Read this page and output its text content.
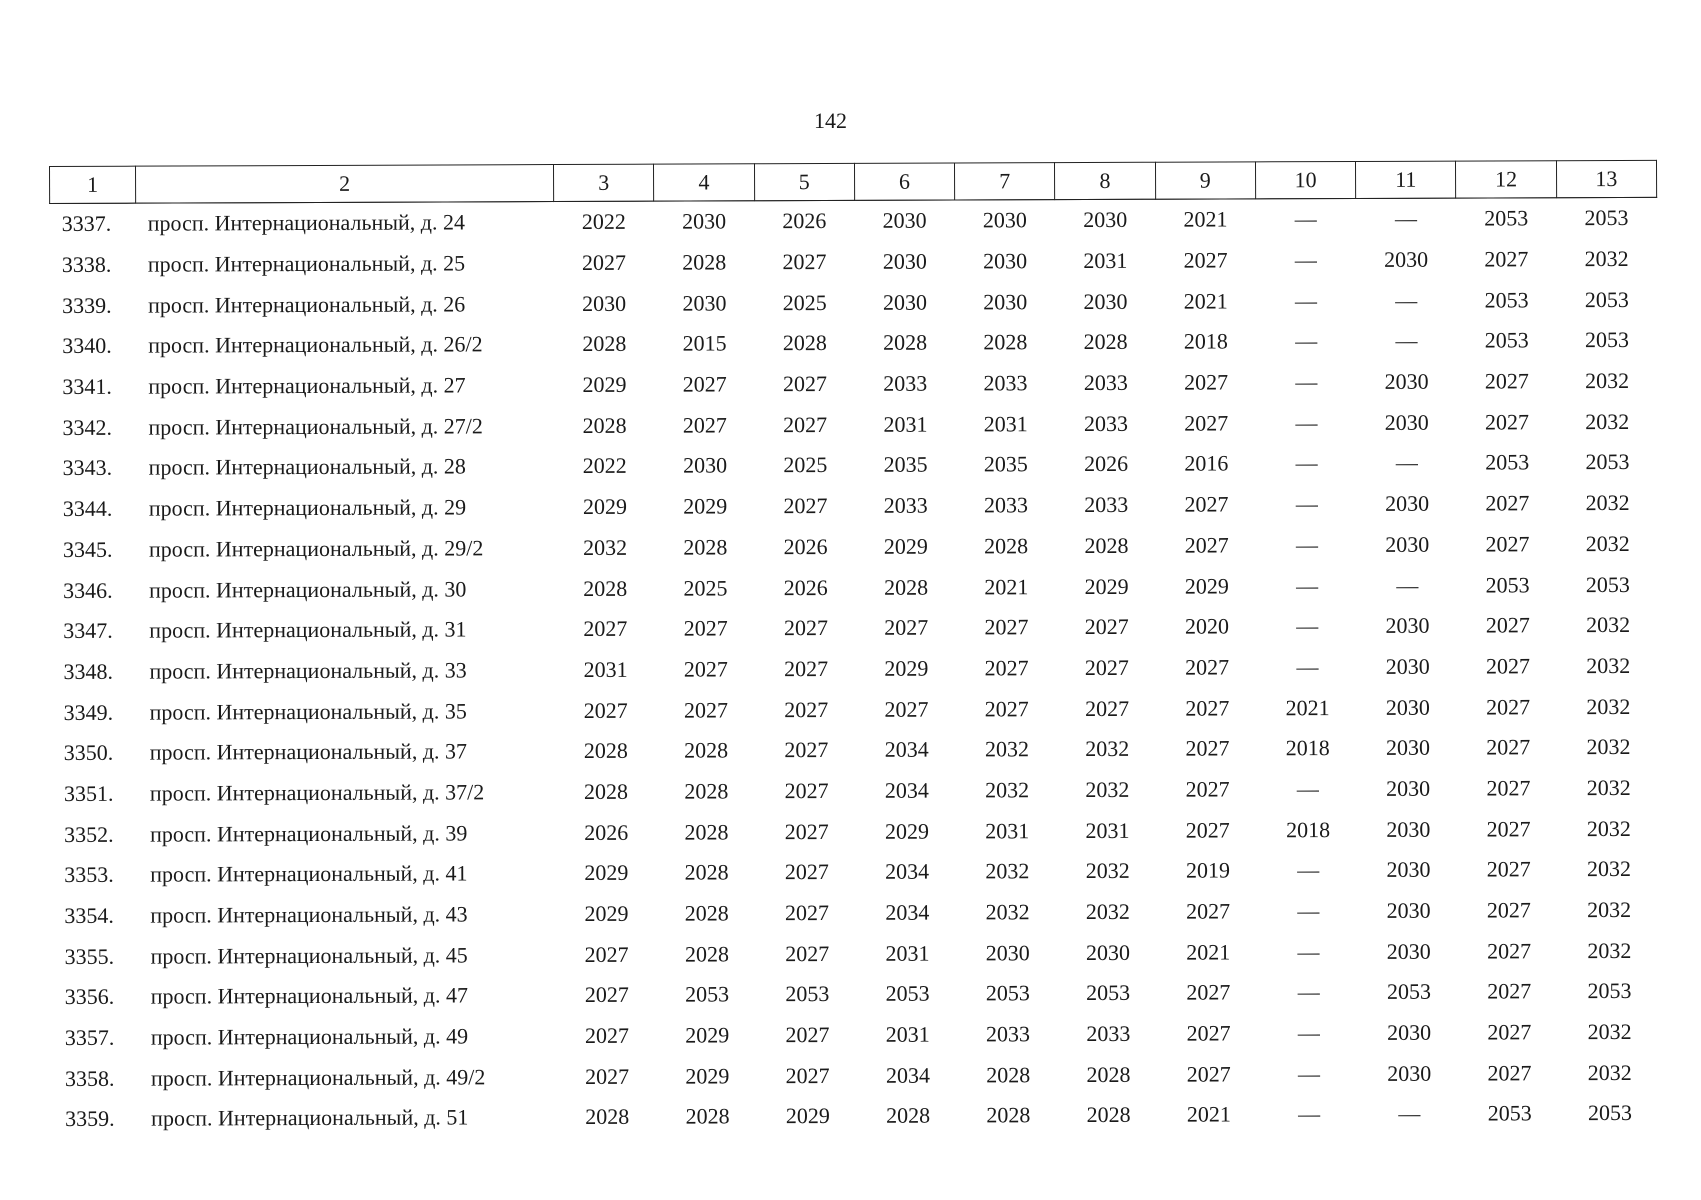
142
1	2	3	4	5	6	7	8	9	10	11	12	13
3337.	просп. Интернациональный, д. 24	2022	2030	2026	2030	2030	2030	2021	—	—	2053	2053
3338.	просп. Интернациональный, д. 25	2027	2028	2027	2030	2030	2031	2027	—	2030	2027	2032
3339.	просп. Интернациональный, д. 26	2030	2030	2025	2030	2030	2030	2021	—	—	2053	2053
3340.	просп. Интернациональный, д. 26/2	2028	2015	2028	2028	2028	2028	2018	—	—	2053	2053
3341.	просп. Интернациональный, д. 27	2029	2027	2027	2033	2033	2033	2027	—	2030	2027	2032
3342.	просп. Интернациональный, д. 27/2	2028	2027	2027	2031	2031	2033	2027	—	2030	2027	2032
3343.	просп. Интернациональный, д. 28	2022	2030	2025	2035	2035	2026	2016	—	—	2053	2053
3344.	просп. Интернациональный, д. 29	2029	2029	2027	2033	2033	2033	2027	—	2030	2027	2032
3345.	просп. Интернациональный, д. 29/2	2032	2028	2026	2029	2028	2028	2027	—	2030	2027	2032
3346.	просп. Интернациональный, д. 30	2028	2025	2026	2028	2021	2029	2029	—	—	2053	2053
3347.	просп. Интернациональный, д. 31	2027	2027	2027	2027	2027	2027	2020	—	2030	2027	2032
3348.	просп. Интернациональный, д. 33	2031	2027	2027	2029	2027	2027	2027	—	2030	2027	2032
3349.	просп. Интернациональный, д. 35	2027	2027	2027	2027	2027	2027	2027	2021	2030	2027	2032
3350.	просп. Интернациональный, д. 37	2028	2028	2027	2034	2032	2032	2027	2018	2030	2027	2032
3351.	просп. Интернациональный, д. 37/2	2028	2028	2027	2034	2032	2032	2027	—	2030	2027	2032
3352.	просп. Интернациональный, д. 39	2026	2028	2027	2029	2031	2031	2027	2018	2030	2027	2032
3353.	просп. Интернациональный, д. 41	2029	2028	2027	2034	2032	2032	2019	—	2030	2027	2032
3354.	просп. Интернациональный, д. 43	2029	2028	2027	2034	2032	2032	2027	—	2030	2027	2032
3355.	просп. Интернациональный, д. 45	2027	2028	2027	2031	2030	2030	2021	—	2030	2027	2032
3356.	просп. Интернациональный, д. 47	2027	2053	2053	2053	2053	2053	2027	—	2053	2027	2053
3357.	просп. Интернациональный, д. 49	2027	2029	2027	2031	2033	2033	2027	—	2030	2027	2032
3358.	просп. Интернациональный, д. 49/2	2027	2029	2027	2034	2028	2028	2027	—	2030	2027	2032
3359.	просп. Интернациональный, д. 51	2028	2028	2029	2028	2028	2028	2021	—	—	2053	2053
